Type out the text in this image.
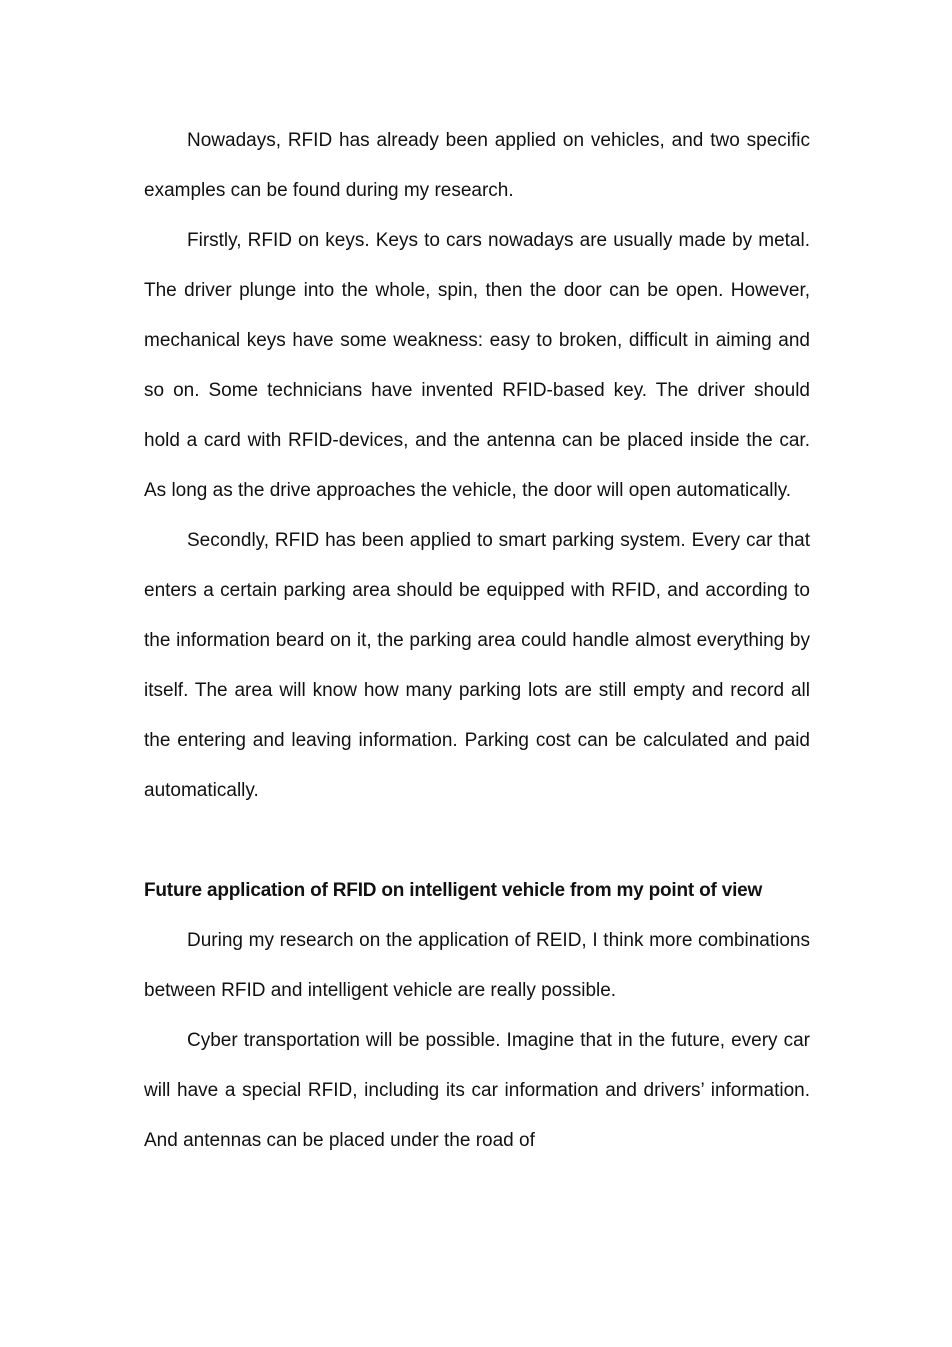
Nowadays, RFID has already been applied on vehicles, and two specific examples can be found during my research.

Firstly, RFID on keys. Keys to cars nowadays are usually made by metal. The driver plunge into the whole, spin, then the door can be open. However, mechanical keys have some weakness: easy to broken, difficult in aiming and so on. Some technicians have invented RFID-based key. The driver should hold a card with RFID-devices, and the antenna can be placed inside the car. As long as the drive approaches the vehicle, the door will open automatically.

Secondly, RFID has been applied to smart parking system. Every car that enters a certain parking area should be equipped with RFID, and according to the information beard on it, the parking area could handle almost everything by itself. The area will know how many parking lots are still empty and record all the entering and leaving information. Parking cost can be calculated and paid automatically.

Future application of RFID on intelligent vehicle from my point of view

During my research on the application of REID, I think more combinations between RFID and intelligent vehicle are really possible.

Cyber transportation will be possible. Imagine that in the future, every car will have a special RFID, including its car information and drivers’ information. And antennas can be placed under the road of
